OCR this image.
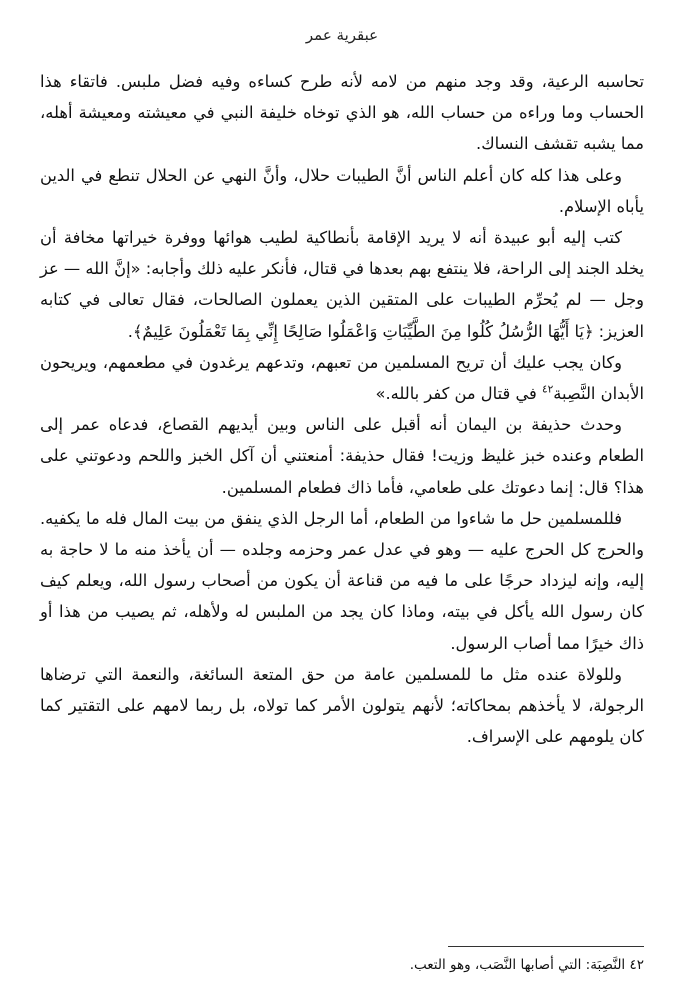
عبقرية عمر

تحاسبه الرعية، وقد وجد منهم من لامه لأنه طرح كساءه وفيه فضل ملبس. فاتقاء هذا الحساب وما وراءه من حساب الله، هو الذي توخاه خليفة النبي في معيشته ومعيشة أهله، مما يشبه تقشف النساك.

وعلى هذا كله كان أعلم الناس أنَّ الطيبات حلال، وأنَّ النهي عن الحلال تنطع في الدين يأباه الإسلام.

كتب إليه أبو عبيدة أنه لا يريد الإقامة بأنطاكية لطيب هوائها ووفرة خيراتها مخافة أن يخلد الجند إلى الراحة، فلا ينتفع بهم بعدها في قتال، فأنكر عليه ذلك وأجابه: «إنَّ الله — عز وجل — لم يُحرِّم الطيبات على المتقين الذين يعملون الصالحات، فقال تعالى في كتابه العزيز: ﴿يَا أَيُّهَا الرُّسُلُ كُلُوا مِنَ الطَّيِّبَاتِ وَاعْمَلُوا صَالِحًا إِنِّي بِمَا تَعْمَلُونَ عَلِيمٌ﴾.

وكان يجب عليك أن تريح المسلمين من تعبهم، وتدعهم يرغدون في مطعمهم، ويريحون الأبدان النَّصِبة$^{٤٢}$ في قتال من كفر بالله.»

وحدث حذيفة بن اليمان أنه أقبل على الناس وبين أيديهم القصاع، فدعاه عمر إلى الطعام وعنده خبز غليظ وزيت! فقال حذيفة: أمنعتني أن آكل الخبز واللحم ودعوتني على هذا؟ قال: إنما دعوتك على طعامي، فأما ذاك فطعام المسلمين.

فللمسلمين حل ما شاءوا من الطعام، أما الرجل الذي ينفق من بيت المال فله ما يكفيه. والحرج كل الحرج عليه — وهو في عدل عمر وحزمه وجلده — أن يأخذ منه ما لا حاجة به إليه، وإنه ليزداد حرجًا على ما فيه من قناعة أن يكون من أصحاب رسول الله، ويعلم كيف كان رسول الله يأكل في بيته، وماذا كان يجد من الملبس له ولأهله، ثم يصيب من هذا أو ذاك خيرًا مما أصاب الرسول.

وللولاة عنده مثل ما للمسلمين عامة من حق المتعة السائغة، والنعمة التي ترضاها الرجولة، لا يأخذهم بمحاكاته؛ لأنهم يتولون الأمر كما تولاه، بل ربما لامهم على التقتير كما كان يلومهم على الإسراف.

٤٢ النَّصِبَة: التي أصابها النَّصَب، وهو التعب.
